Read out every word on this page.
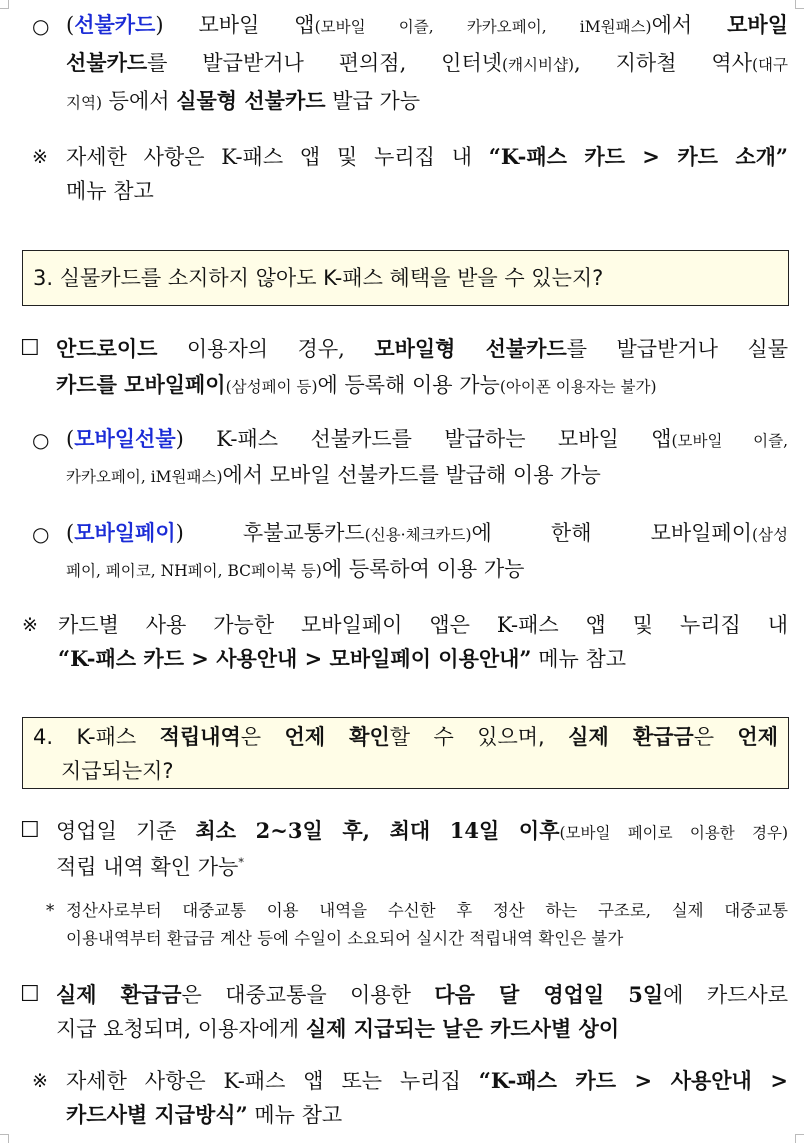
○ (선불카드) 모바일 앱(모바일 이즐, 카카오페이, iM원패스)에서 모바일
선불카드를 발급받거나 편의점, 인터넷(캐시비샵), 지하철 역사(대구
지역) 등에서 실물형 선불카드 발급 가능
※ 자세한 사항은 K-패스 앱 및 누리집 내 “K-패스 카드 > 카드 소개”
메뉴 참고
3. 실물카드를 소지하지 않아도 K-패스 혜택을 받을 수 있는지?
☐ 안드로이드 이용자의 경우, 모바일형 선불카드를 발급받거나 실물
카드를 모바일페이(삼성페이 등)에 등록해 이용 가능(아이폰 이용자는 불가)
○ (모바일선불) K-패스 선불카드를 발급하는 모바일 앱(모바일 이즐,
카카오페이, iM원패스)에서 모바일 선불카드를 발급해 이용 가능
○ (모바일페이) 후불교통카드(신용·체크카드)에 한해 모바일페이(삼성
페이, 페이코, NH페이, BC페이북 등)에 등록하여 이용 가능
※ 카드별 사용 가능한 모바일페이 앱은 K-패스 앱 및 누리집 내
“K-패스 카드 > 사용안내 > 모바일페이 이용안내” 메뉴 참고
4. K-패스 적립내역은 언제 확인할 수 있으며, 실제 환급금은 언제
지급되는지?
☐ 영업일 기준 최소 2~3일 후, 최대 14일 이후(모바일 페이로 이용한 경우)
적립 내역 확인 가능*
* 정산사로부터 대중교통 이용 내역을 수신한 후 정산 하는 구조로, 실제 대중교통
이용내역부터 환급금 계산 등에 수일이 소요되어 실시간 적립내역 확인은 불가
☐ 실제 환급금은 대중교통을 이용한 다음 달 영업일 5일에 카드사로
지급 요청되며, 이용자에게 실제 지급되는 날은 카드사별 상이
※ 자세한 사항은 K-패스 앱 또는 누리집 “K-패스 카드 > 사용안내 >
카드사별 지급방식” 메뉴 참고
